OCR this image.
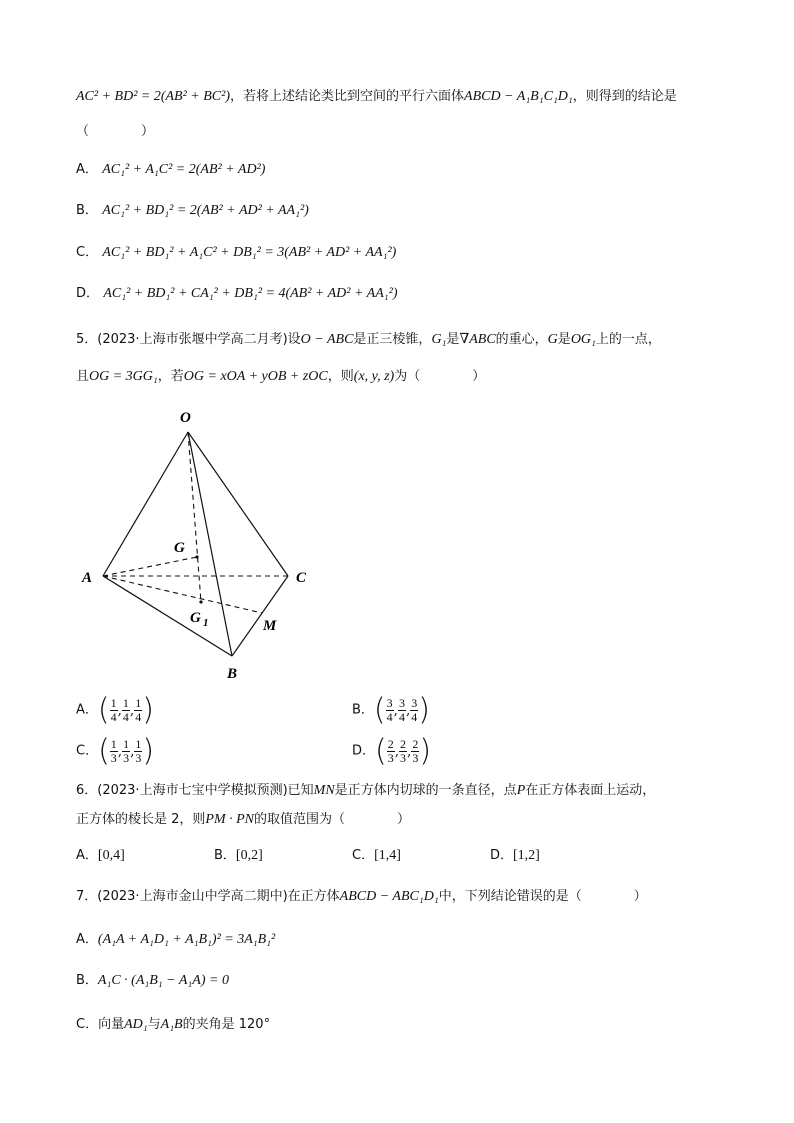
AC² + BD² = 2(AB² + BC²)，若将上述结论类比到空间的平行六面体ABCD − A₁B₁C₁D₁，则得到的结论是
（　　　　）
A． AC₁² + A₁C² = 2(AB² + AD²)
B． AC₁² + BD₁² = 2(AB² + AD² + AA₁²)
C． AC₁² + BD₁² + A₁C² + DB₁² = 3(AB² + AD² + AA₁²)
D． AC₁² + BD₁² + CA₁² + DB₁² = 4(AB² + AD² + AA₁²)
5．(2023·上海市张堰中学高二月考)设O − ABC是正三棱锥，G₁是∇ABC的重心，G是OG₁上的一点，
且OG = 3GG₁，若OG = xOA + yOB + zOC，则(x, y, z)为（　　　　）
O
A	C
B
G
G 1	M
A．( $\frac{1}{4}$ , $\frac{1}{4}$ , $\frac{1}{4}$ )	B．( $\frac{3}{4}$ , $\frac{3}{4}$ , $\frac{3}{4}$ )
C．( $\frac{1}{3}$ , $\frac{1}{3}$ , $\frac{1}{3}$ )	D．( $\frac{2}{3}$ , $\frac{2}{3}$ , $\frac{2}{3}$ )
6．(2023·上海市七宝中学模拟预测)已知MN是正方体内切球的一条直径，点P在正方体表面上运动，
正方体的棱长是 2，则PM · PN的取值范围为（　　　　）
A．[0,4]	B．[0,2]	C．[1,4]	D．[1,2]
7．(2023·上海市金山中学高二期中)在正方体ABCD − ABC₁D₁中，下列结论错误的是（　　　　）
A．(A₁A + A₁D₁ + A₁B₁)² = 3A₁B₁²
B．A₁C · (A₁B₁ − A₁A) = 0
C．向量AD₁与A₁B的夹角是 120°
